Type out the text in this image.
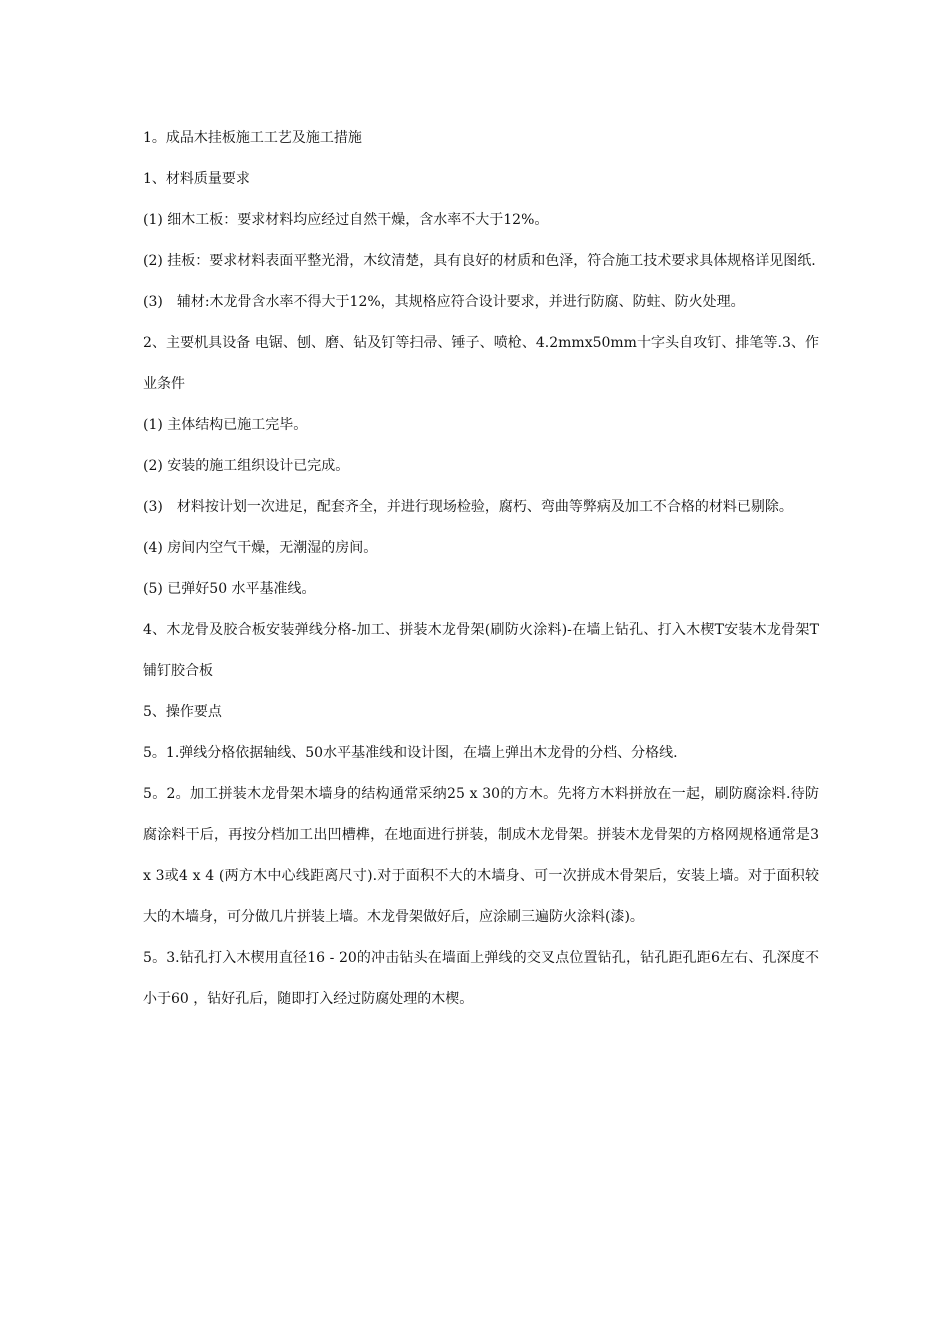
1。成品木挂板施工工艺及施工措施

1、材料质量要求

(1) 细木工板：要求材料均应经过自然干燥，含水率不大于12%。

(2) 挂板：要求材料表面平整光滑，木纹清楚，具有良好的材质和色泽，符合施工技术要求具体规格详见图纸.

(3)　辅材:木龙骨含水率不得大于12%，其规格应符合设计要求，并进行防腐、防蛀、防火处理。

2、主要机具设备 电锯、刨、磨、钻及钉等扫帚、锤子、喷枪、4.2mmx50mm十字头自攻钉、排笔等.3、作业条件

(1) 主体结构已施工完毕。

(2) 安装的施工组织设计已完成。

(3)　材料按计划一次进足，配套齐全，并进行现场检验，腐朽、弯曲等弊病及加工不合格的材料已剔除。

(4) 房间内空气干燥，无潮湿的房间。

(5) 已弹好50 水平基准线。

4、木龙骨及胶合板安装弹线分格-加工、拼装木龙骨架(刷防火涂料)-在墙上钻孔、打入木楔T安装木龙骨架T铺钉胶合板

5、操作要点

5。1.弹线分格依据轴线、50水平基准线和设计图，在墙上弹出木龙骨的分档、分格线.

5。2。加工拼装木龙骨架木墙身的结构通常采纳25 x 30的方木。先将方木料拼放在一起，刷防腐涂料.待防腐涂料干后，再按分档加工出凹槽榫，在地面进行拼装，制成木龙骨架。拼装木龙骨架的方格网规格通常是3 x 3或4 x 4 (两方木中心线距离尺寸).对于面积不大的木墙身、可一次拼成木骨架后，安装上墙。对于面积较大的木墙身，可分做几片拼装上墙。木龙骨架做好后，应涂刷三遍防火涂料(漆)。

5。3.钻孔打入木楔用直径16 - 20的冲击钻头在墙面上弹线的交叉点位置钻孔，钻孔距孔距6左右、孔深度不小于60 ，钻好孔后，随即打入经过防腐处理的木楔。
